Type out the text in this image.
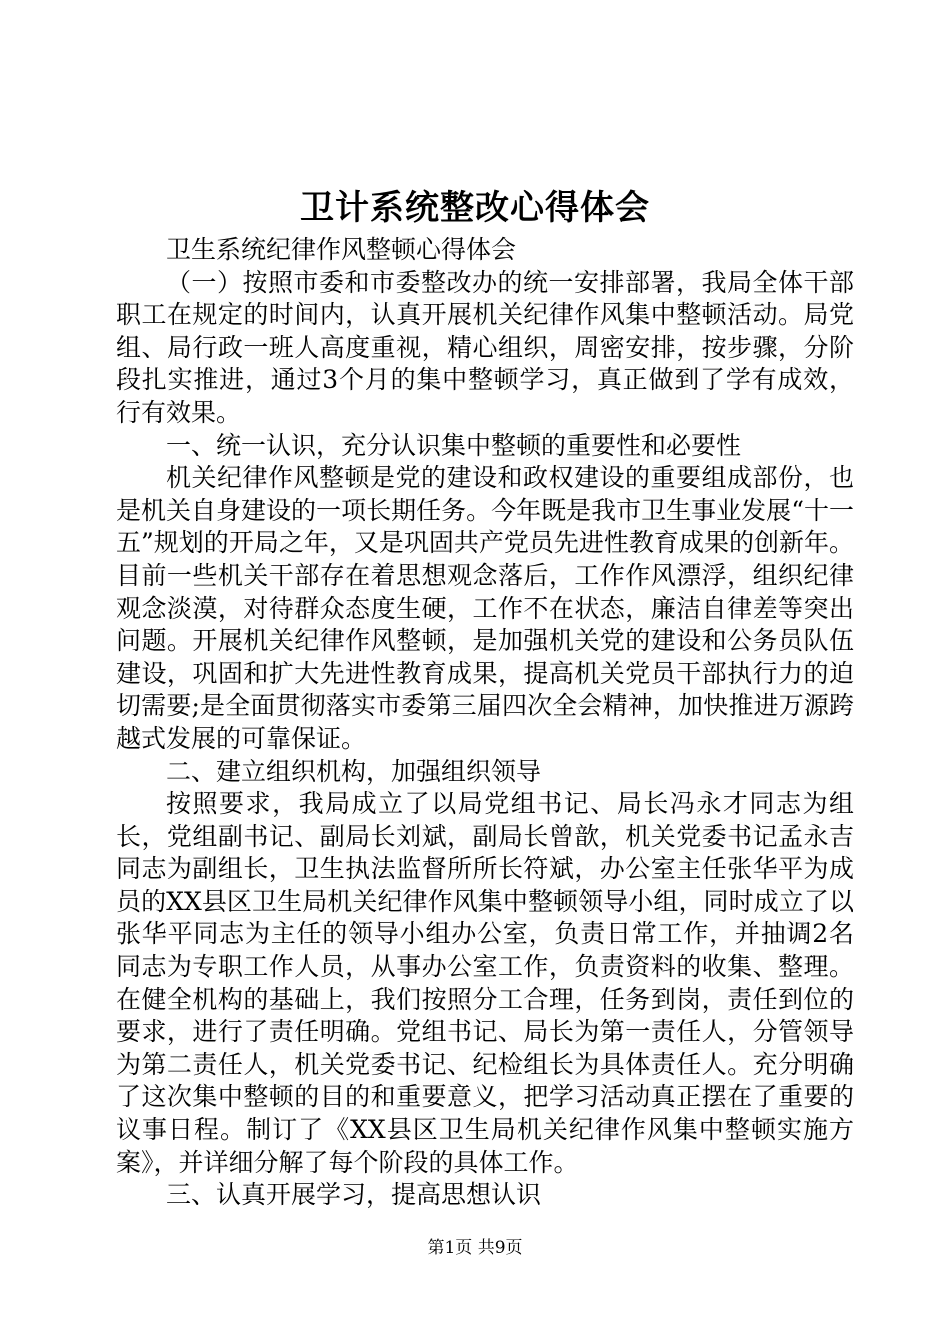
卫计系统整改心得体会

卫生系统纪律作风整顿心得体会

（一）按照市委和市委整改办的统一安排部署，我局全体干部职工在规定的时间内，认真开展机关纪律作风集中整顿活动。局党组、局行政一班人高度重视，精心组织，周密安排，按步骤，分阶段扎实推进，通过3个月的集中整顿学习，真正做到了学有成效，行有效果。

一、统一认识，充分认识集中整顿的重要性和必要性

机关纪律作风整顿是党的建设和政权建设的重要组成部份，也是机关自身建设的一项长期任务。今年既是我市卫生事业发展“十一五”规划的开局之年，又是巩固共产党员先进性教育成果的创新年。目前一些机关干部存在着思想观念落后，工作作风漂浮，组织纪律观念淡漠，对待群众态度生硬，工作不在状态，廉洁自律差等突出问题。开展机关纪律作风整顿，是加强机关党的建设和公务员队伍建设，巩固和扩大先进性教育成果，提高机关党员干部执行力的迫切需要;是全面贯彻落实市委第三届四次全会精神，加快推进万源跨越式发展的可靠保证。

二、建立组织机构，加强组织领导

按照要求，我局成立了以局党组书记、局长冯永才同志为组长，党组副书记、副局长刘斌，副局长曾歆，机关党委书记孟永吉同志为副组长，卫生执法监督所所长符斌，办公室主任张华平为成员的XX县区卫生局机关纪律作风集中整顿领导小组，同时成立了以张华平同志为主任的领导小组办公室，负责日常工作，并抽调2名同志为专职工作人员，从事办公室工作，负责资料的收集、整理。在健全机构的基础上，我们按照分工合理，任务到岗，责任到位的要求，进行了责任明确。党组书记、局长为第一责任人，分管领导为第二责任人，机关党委书记、纪检组长为具体责任人。充分明确了这次集中整顿的目的和重要意义，把学习活动真正摆在了重要的议事日程。制订了《XX县区卫生局机关纪律作风集中整顿实施方案》，并详细分解了每个阶段的具体工作。

三、认真开展学习，提高思想认识

第1页 共9页
